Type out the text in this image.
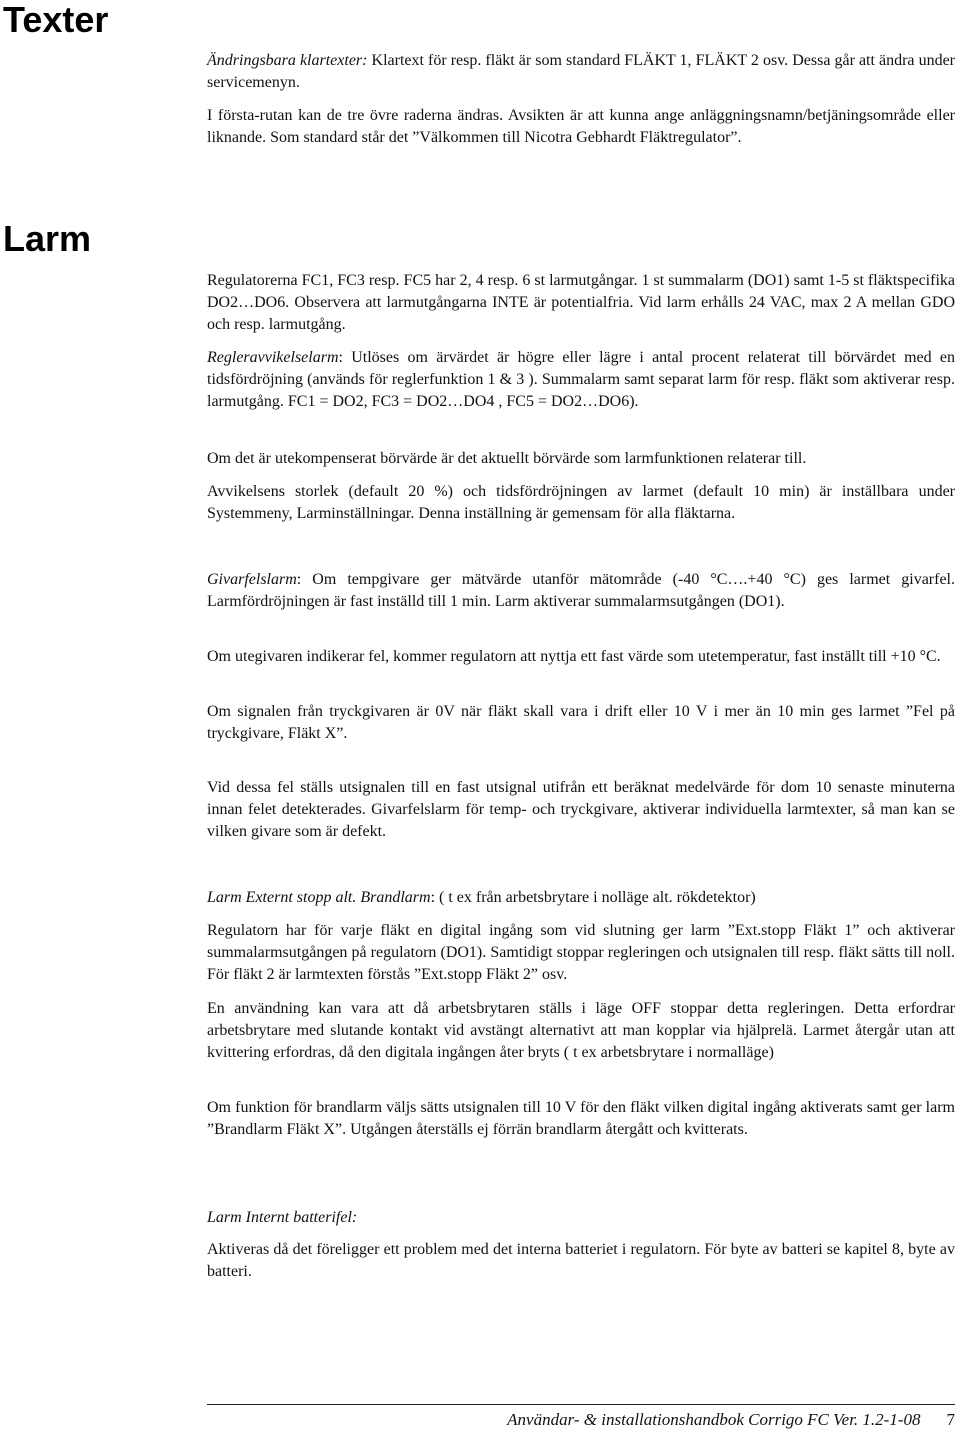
Texter

Ändringsbara klartexter: Klartext för resp. fläkt är som standard FLÄKT 1, FLÄKT 2 osv. Dessa går att ändra under servicemenyn.

I första-rutan kan de tre övre raderna ändras. Avsikten är att kunna ange anläggningsnamn/betjäningsområde eller liknande. Som standard står det ”Välkommen till Nicotra Gebhardt Fläktregulator”.

Larm

Regulatorerna FC1, FC3 resp. FC5 har 2, 4 resp. 6 st larmutgångar. 1 st summalarm (DO1) samt 1-5 st fläktspecifika DO2…DO6. Observera att larmutgångarna INTE är potentialfria. Vid larm erhålls 24 VAC, max 2 A mellan GDO och resp. larmutgång.

Regleravvikelselarm: Utlöses om ärvärdet är högre eller lägre i antal procent relaterat till börvärdet med en tidsfördröjning (används för reglerfunktion 1 & 3 ). Summalarm samt separat larm för resp. fläkt som aktiverar resp. larmutgång. FC1 = DO2, FC3 = DO2…DO4 , FC5 = DO2…DO6).

Om det är utekompenserat börvärde är det aktuellt börvärde som larmfunktionen relaterar till.

Avvikelsens storlek (default 20 %) och tidsfördröjningen av larmet (default 10 min) är inställbara under Systemmeny, Larminställningar. Denna inställning är gemensam för alla fläktarna.

Givarfelslarm: Om tempgivare ger mätvärde utanför mätområde (-40 °C….+40 °C) ges larmet givarfel. Larmfördröjningen är fast inställd till 1 min. Larm aktiverar summalarmsutgången (DO1).

Om utegivaren indikerar fel, kommer regulatorn att nyttja ett fast värde som utetemperatur, fast inställt till +10 °C.

Om signalen från tryckgivaren är 0V när fläkt skall vara i drift eller 10 V i mer än 10 min ges larmet ”Fel på tryckgivare, Fläkt X”.

Vid dessa fel ställs utsignalen till en fast utsignal utifrån ett beräknat medelvärde för dom 10 senaste minuterna innan felet detekterades. Givarfelslarm för temp- och tryckgivare, aktiverar individuella larmtexter, så man kan se vilken givare som är defekt.

Larm Externt stopp alt. Brandlarm: ( t ex från arbetsbrytare i nolläge alt. rökdetektor)

Regulatorn har för varje fläkt en digital ingång som vid slutning ger larm ”Ext.stopp Fläkt 1” och aktiverar summalarmsutgången på regulatorn (DO1). Samtidigt stoppar regleringen och utsignalen till resp. fläkt sätts till noll. För fläkt 2 är larmtexten förstås ”Ext.stopp Fläkt 2” osv.

En användning kan vara att då arbetsbrytaren ställs i läge OFF stoppar detta regleringen. Detta erfordrar arbetsbrytare med slutande kontakt vid avstängt alternativt att man kopplar via hjälprelä. Larmet återgår utan att kvittering erfordras, då den digitala ingången åter bryts ( t ex arbetsbrytare i normalläge)

Om funktion för brandlarm väljs sätts utsignalen till 10 V för den fläkt vilken digital ingång aktiverats samt ger larm ”Brandlarm Fläkt X”. Utgången återställs ej förrän brandlarm återgått och kvitterats.

Larm Internt batterifel:

Aktiveras då det föreligger ett problem med det interna batteriet i regulatorn. För byte av batteri se kapitel 8, byte av batteri.

Användar- & installationshandbok Corrigo FC Ver. 1.2-1-08 7
